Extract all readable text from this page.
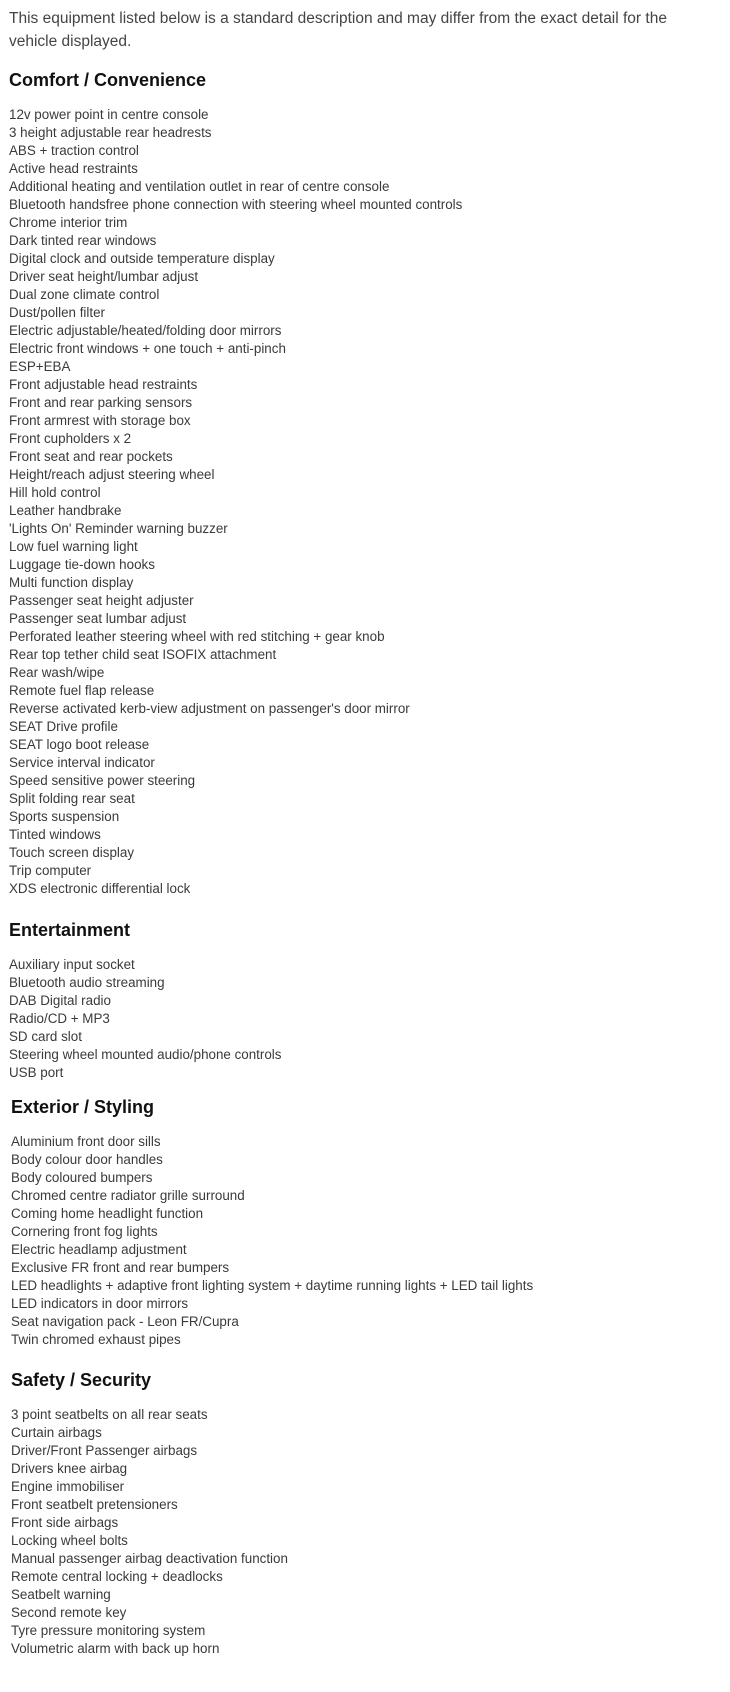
This equipment listed below is a standard description and may differ from the exact detail for the vehicle displayed.

Comfort / Convenience
12v power point in centre console
3 height adjustable rear headrests
ABS + traction control
Active head restraints
Additional heating and ventilation outlet in rear of centre console
Bluetooth handsfree phone connection with steering wheel mounted controls
Chrome interior trim
Dark tinted rear windows
Digital clock and outside temperature display
Driver seat height/lumbar adjust
Dual zone climate control
Dust/pollen filter
Electric adjustable/heated/folding door mirrors
Electric front windows + one touch + anti-pinch
ESP+EBA
Front adjustable head restraints
Front and rear parking sensors
Front armrest with storage box
Front cupholders x 2
Front seat and rear pockets
Height/reach adjust steering wheel
Hill hold control
Leather handbrake
'Lights On' Reminder warning buzzer
Low fuel warning light
Luggage tie-down hooks
Multi function display
Passenger seat height adjuster
Passenger seat lumbar adjust
Perforated leather steering wheel with red stitching + gear knob
Rear top tether child seat ISOFIX attachment
Rear wash/wipe
Remote fuel flap release
Reverse activated kerb-view adjustment on passenger's door mirror
SEAT Drive profile
SEAT logo boot release
Service interval indicator
Speed sensitive power steering
Split folding rear seat
Sports suspension
Tinted windows
Touch screen display
Trip computer
XDS electronic differential lock
Entertainment
Auxiliary input socket
Bluetooth audio streaming
DAB Digital radio
Radio/CD + MP3
SD card slot
Steering wheel mounted audio/phone controls
USB port
Exterior / Styling
Aluminium front door sills
Body colour door handles
Body coloured bumpers
Chromed centre radiator grille surround
Coming home headlight function
Cornering front fog lights
Electric headlamp adjustment
Exclusive FR front and rear bumpers
LED headlights + adaptive front lighting system + daytime running lights + LED tail lights
LED indicators in door mirrors
Seat navigation pack - Leon FR/Cupra
Twin chromed exhaust pipes
Safety / Security
3 point seatbelts on all rear seats
Curtain airbags
Driver/Front Passenger airbags
Drivers knee airbag
Engine immobiliser
Front seatbelt pretensioners
Front side airbags
Locking wheel bolts
Manual passenger airbag deactivation function
Remote central locking + deadlocks
Seatbelt warning
Second remote key
Tyre pressure monitoring system
Volumetric alarm with back up horn
